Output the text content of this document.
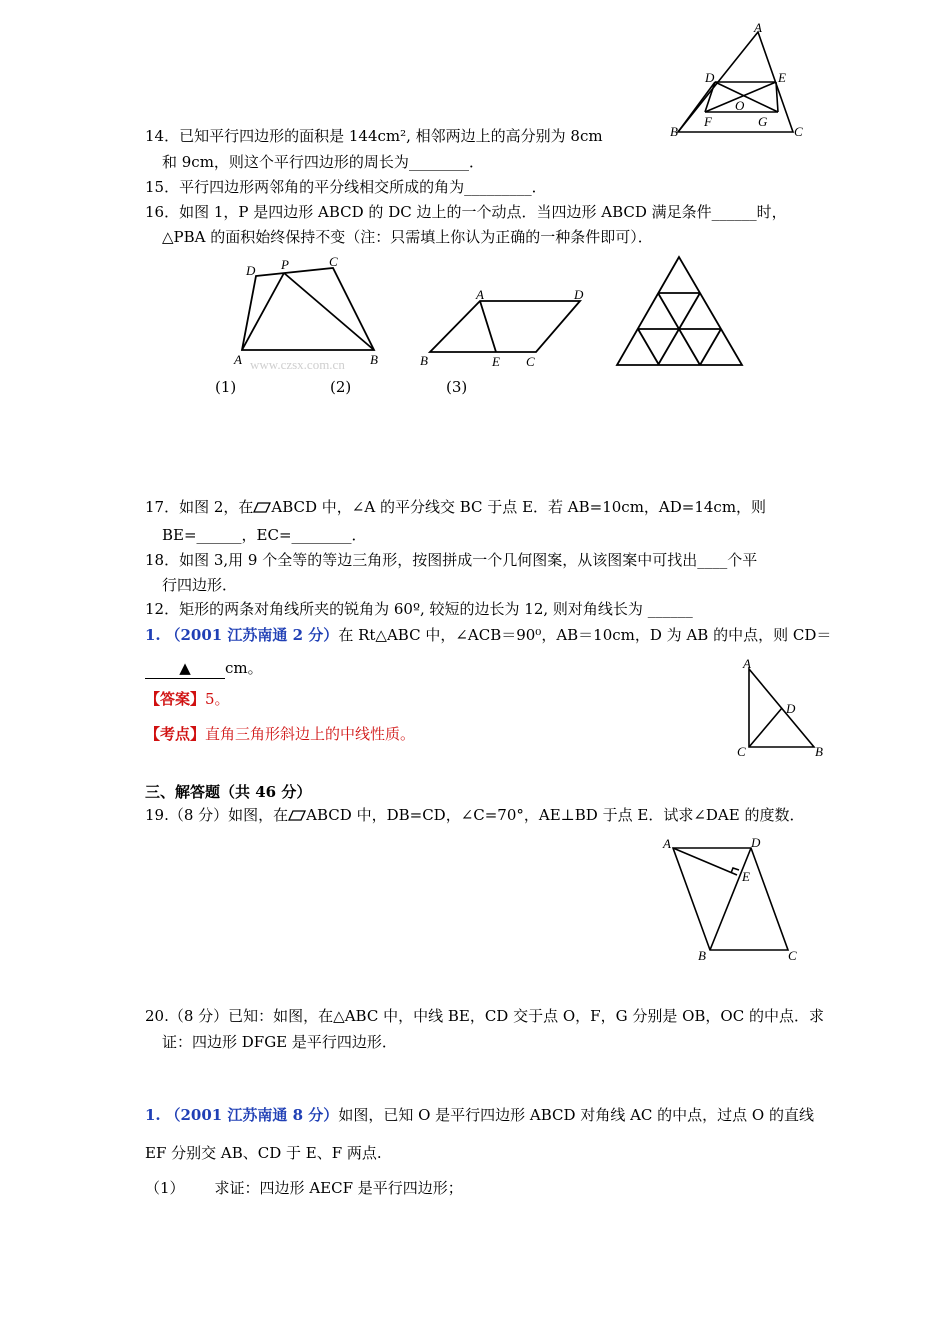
A
D	E
O
F	G
B	C
14．已知平行四边形的面积是 144cm², 相邻两边上的高分别为 8cm
和 9cm，则这个平行四边形的周长为________．
15．平行四边形两邻角的平分线相交所成的角为_________．
16．如图 1，P 是四边形 ABCD 的 DC 边上的一个动点．当四边形 ABCD 满足条件______时，
△PBA 的面积始终保持不变（注：只需填上你认为正确的一种条件即可）．
D P	C
A	B
www.czsx.com.cn
A	D
B	E C
(1)	(2)	(3)
17．如图 2，在 ABCD 中，∠A 的平分线交 BC 于点 E．若 AB=10cm，AD=14cm，则
BE=______，EC=________．
18．如图 3,用 9 个全等的等边三角形，按图拼成一个几何图案，从该图案中可找出____个平
行四边形．
12．矩形的两条对角线所夹的锐角为 60º, 较短的边长为 12, 则对角线长为 ______
1. （2001 江苏南通 2 分）在 Rt△ABC 中，∠ACB＝90⁰，AB＝10cm，D 为 AB 的中点，则 CD＝
▲ cm。
【答案】5。
【考点】直角三角形斜边上的中线性质。
A
D
C	B
三、解答题（共 46 分）
19.（8 分）如图，在 ABCD 中，DB=CD，∠C=70°，AE⊥BD 于点 E．试求∠DAE 的度数．
A	D
E
B	C
20.（8 分）已知：如图，在△ABC 中，中线 BE，CD 交于点 O，F，G 分别是 OB，OC 的中点．求
证：四边形 DFGE 是平行四边形．
1. （2001 江苏南通 8 分）如图，已知 O 是平行四边形 ABCD 对角线 AC 的中点，过点 O 的直线
EF 分别交 AB、CD 于 E、F 两点.
（1） 求证：四边形 AECF 是平行四边形；
